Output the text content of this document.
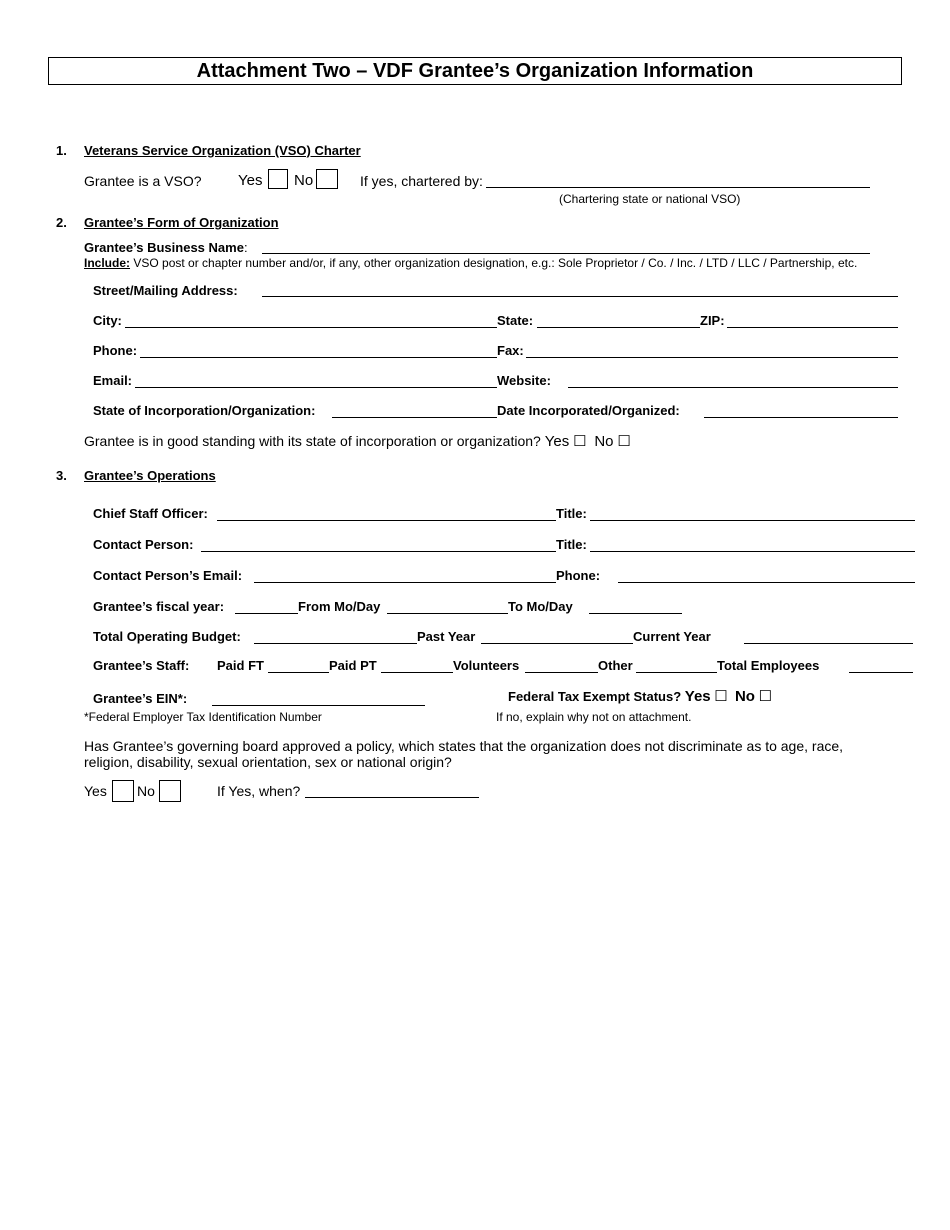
Attachment Two – VDF Grantee’s Organization Information
1. Veterans Service Organization (VSO) Charter
Grantee is a VSO? Yes No	If yes, chartered by:
(Chartering state or national VSO)
2. Grantee’s Form of Organization
Grantee’s Business Name:
Include: VSO post or chapter number and/or, if any, other organization designation, e.g.: Sole Proprietor / Co. / Inc. / LTD / LLC / Partnership, etc.
Street/Mailing Address:
City:	State:	ZIP:
Phone:	Fax:
Email:	Website:
State of Incorporation/Organization:	Date Incorporated/Organized:
Grantee is in good standing with its state of incorporation or organization? Yes ☐ No ☐
3. Grantee’s Operations
Chief Staff Officer:	Title:
Contact Person:	Title:
Contact Person’s Email:	Phone:
Grantee’s fiscal year:	From Mo/Day	To Mo/Day
Total Operating Budget:	Past Year	Current Year
Grantee’s Staff: Paid FT	Paid PT	Volunteers	Other	Total Employees
Grantee’s EIN*:	Federal Tax Exempt Status? Yes ☐ No ☐
*Federal Employer Tax Identification Number	If no, explain why not on attachment.
Has Grantee’s governing board approved a policy, which states that the organization does not discriminate as to age, race,
religion, disability, sexual orientation, sex or national origin?
Yes No	If Yes, when?
